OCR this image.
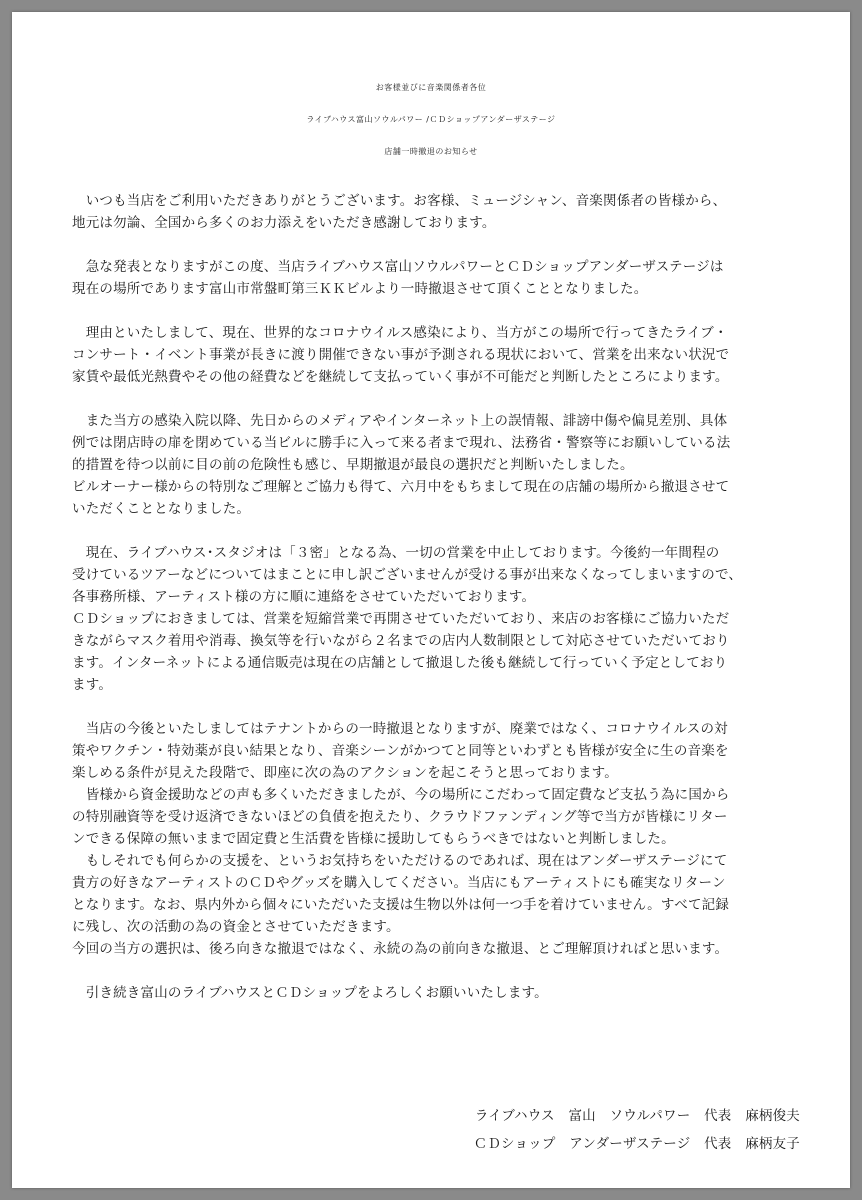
お客様並びに音楽関係者各位
ライブハウス富山ソウルパワー /ＣＤショップアンダーザステージ
店舗一時撤退のお知らせ
　いつも当店をご利用いただきありがとうございます。お客様、ミュージシャン、音楽関係者の皆様から、
地元は勿論、全国から多くのお力添えをいただき感謝しております。
　急な発表となりますがこの度、当店ライブハウス富山ソウルパワーとＣＤショップアンダーザステージは
現在の場所であります富山市常盤町第三ＫＫビルより一時撤退させて頂くこととなりました。
　理由といたしまして、現在、世界的なコロナウイルス感染により、当方がこの場所で行ってきたライブ・
コンサート・イベント事業が長きに渡り開催できない事が予測される現状において、営業を出来ない状況で
家賃や最低光熱費やその他の経費などを継続して支払っていく事が不可能だと判断したところによります。
　また当方の感染入院以降、先日からのメディアやインターネット上の誤情報、誹謗中傷や偏見差別、具体
例では閉店時の扉を閉めている当ビルに勝手に入って来る者まで現れ、法務省・警察等にお願いしている法
的措置を待つ以前に目の前の危険性も感じ、早期撤退が最良の選択だと判断いたしました。
ビルオーナー様からの特別なご理解とご協力も得て、六月中をもちまして現在の店舗の場所から撤退させて
いただくこととなりました。
　現在、ライブハウス･スタジオは「３密」となる為、一切の営業を中止しております。今後約一年間程の
受けているツアーなどについてはまことに申し訳ございませんが受ける事が出来なくなってしまいますので、
各事務所様、アーティスト様の方に順に連絡をさせていただいております。
ＣＤショップにおきましては、営業を短縮営業で再開させていただいており、来店のお客様にご協力いただ
きながらマスク着用や消毒、換気等を行いながら２名までの店内人数制限として対応させていただいており
ます。インターネットによる通信販売は現在の店舗として撤退した後も継続して行っていく予定としており
ます。
　当店の今後といたしましてはテナントからの一時撤退となりますが、廃業ではなく、コロナウイルスの対
策やワクチン・特効薬が良い結果となり、音楽シーンがかつてと同等といわずとも皆様が安全に生の音楽を
楽しめる条件が見えた段階で、即座に次の為のアクションを起こそうと思っております。
　皆様から資金援助などの声も多くいただきましたが、今の場所にこだわって固定費など支払う為に国から
の特別融資等を受け返済できないほどの負債を抱えたり、クラウドファンディング等で当方が皆様にリター
ンできる保障の無いままで固定費と生活費を皆様に援助してもらうべきではないと判断しました。
　もしそれでも何らかの支援を、というお気持ちをいただけるのであれば、現在はアンダーザステージにて
貴方の好きなアーティストのＣＤやグッズを購入してください。当店にもアーティストにも確実なリターン
となります。なお、県内外から個々にいただいた支援は生物以外は何一つ手を着けていません。すべて記録
に残し、次の活動の為の資金とさせていただきます。
今回の当方の選択は、後ろ向きな撤退ではなく、永続の為の前向きな撤退、とご理解頂ければと思います。
　引き続き富山のライブハウスとＣＤショップをよろしくお願いいたします。
ライブハウス　富山　ソウルパワー　代表　麻柄俊夫
ＣＤショップ　アンダーザステージ　代表　麻柄友子
